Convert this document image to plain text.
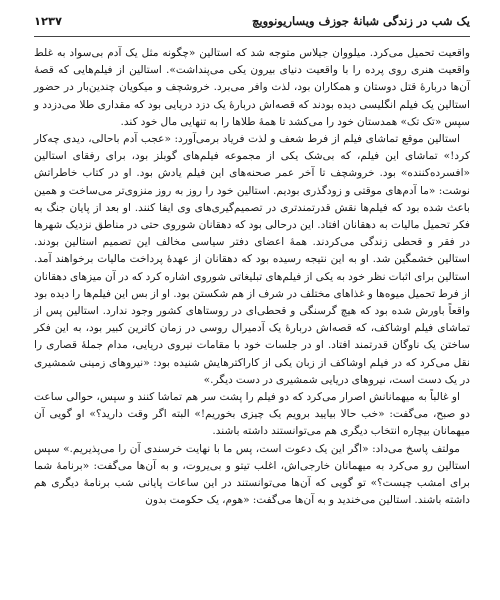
یک شب در زندگی شبانهٔ جوزف ویساریونوویچ
۱۲۳۷

واقعیت تحمیل می‌کرد. میلووان جیلاس متوجه شد که استالین «چگونه مثل یک آدم بی‌سواد به غلط واقعیت هنری روی پرده را با واقعیت دنیای بیرون یکی می‌پنداشت». استالین از فیلم‌هایی که قصهٔ آن‌ها دربارهٔ قتل دوستان و همکاران بود، لذت وافر می‌برد. خروشچف و میکویان چندین‌بار در حضور استالین یک فیلم انگلیسی دیده بودند که قصه‌اش دربارهٔ یک دزد دریایی بود که مقداری طلا می‌دزدد و سپس «تک تک» همدستان خود را می‌کشد تا همهٔ طلاها را به تنهایی مال خود کند.

استالین موقع تماشای فیلم از فرط شعف و لذت فریاد برمی‌آورد: «عجب آدم باحالی، دیدی چه‌کار کرد!» تماشای این فیلم، که بی‌شک یکی از مجموعه فیلم‌های گوبلز بود، برای رفقای استالین «افسرده‌کننده» بود. خروشچف تا آخر عمر صحنه‌های این فیلم یادش بود. او در کتاب خاطراتش نوشت: «ما آدم‌های موقتی و زودگذری بودیم. استالین خود را روز به روز منزوی‌تر می‌ساخت و همین باعث شده بود که فیلم‌ها نقش قدرتمندتری در تصمیم‌گیری‌های وی ایفا کنند. او بعد از پایان جنگ به فکر تحمیل مالیات به دهقانان افتاد. این درحالی بود که دهقانان شوروی حتی در مناطق نزدیک شهرها در فقر و قحطی زندگی می‌کردند. همهٔ اعضای دفتر سیاسی مخالف این تصمیم استالین بودند. استالین خشمگین شد. او به این نتیجه رسیده بود که دهقانان از عهدهٔ پرداخت مالیات برخواهند آمد. استالین برای اثبات نظر خود به یکی از فیلم‌های تبلیغاتی شوروی اشاره کرد که در آن میزهای دهقانان از فرط تحمیل میوه‌ها و غذاهای مختلف در شرف از هم شکستن بود. او از بس این فیلم‌ها را دیده بود واقعاً باورش شده بود که هیچ گرسنگی و قحطی‌ای در روستاهای کشور وجود ندارد. استالین پس از تماشای فیلم اوشاکف، که قصه‌اش دربارهٔ یک آدمیرال روسی در زمان کاترین کبیر بود، به این فکر ساختن یک ناوگان قدرتمند افتاد. او در جلسات خود با مقامات نیروی دریایی، مدام جملهٔ قصاری را نقل می‌کرد که در فیلم اوشاکف از زبان یکی از کاراکترهایش شنیده بود: «نیروهای زمینی شمشیری در یک دست است، نیروهای دریایی شمشیری در دست دیگر.»

او غالباً به میهمانانش اصرار می‌کرد که دو فیلم را پشت سر هم تماشا کنند و سپس، حوالی ساعت دو صبح، می‌گفت: «خب حالا بیایید برویم یک چیزی بخوریم!» البته اگر وقت دارید؟» او گویی آن میهمانان بیچاره انتخاب دیگری هم می‌توانستند داشته باشند.

مولتف پاسخ می‌داد: «اگر این یک دعوت است، پس ما با نهایت خرسندی آن را می‌پذیریم.» سپس استالین رو می‌کرد به میهمانان خارجی‌اش، اغلب تیتو و بی‌یروت، و به آن‌ها می‌گفت: «برنامهٔ شما برای امشب چیست؟» تو گویی که آن‌ها می‌توانستند در این ساعات پایانی شب برنامهٔ دیگری هم داشته باشند. استالین می‌خندید و به آن‌ها می‌گفت: «هوم، یک حکومت بدون
